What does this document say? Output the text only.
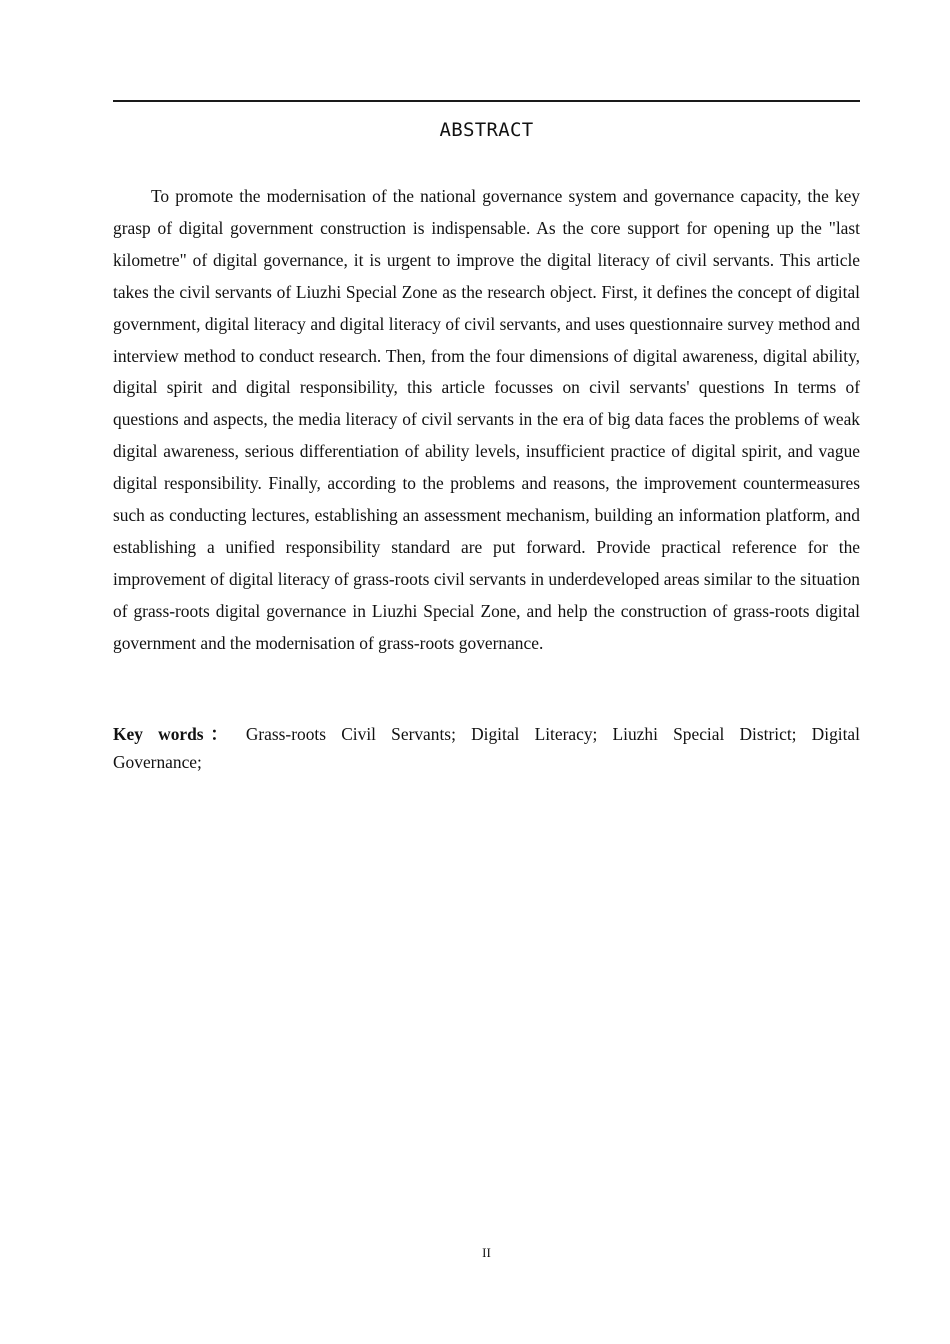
ABSTRACT

To promote the modernisation of the national governance system and governance capacity, the key grasp of digital government construction is indispensable. As the core support for opening up the "last kilometre" of digital governance, it is urgent to improve the digital literacy of civil servants. This article takes the civil servants of Liuzhi Special Zone as the research object. First, it defines the concept of digital government, digital literacy and digital literacy of civil servants, and uses questionnaire survey method and interview method to conduct research. Then, from the four dimensions of digital awareness, digital ability, digital spirit and digital responsibility, this article focusses on civil servants' questions In terms of questions and aspects, the media literacy of civil servants in the era of big data faces the problems of weak digital awareness, serious differentiation of ability levels, insufficient practice of digital spirit, and vague digital responsibility. Finally, according to the problems and reasons, the improvement countermeasures such as conducting lectures, establishing an assessment mechanism, building an information platform, and establishing a unified responsibility standard are put forward. Provide practical reference for the improvement of digital literacy of grass-roots civil servants in underdeveloped areas similar to the situation of grass-roots digital governance in Liuzhi Special Zone, and help the construction of grass-roots digital government and the modernisation of grass-roots governance.

Key words： Grass-roots Civil Servants; Digital Literacy; Liuzhi Special District; Digital Governance;

II
